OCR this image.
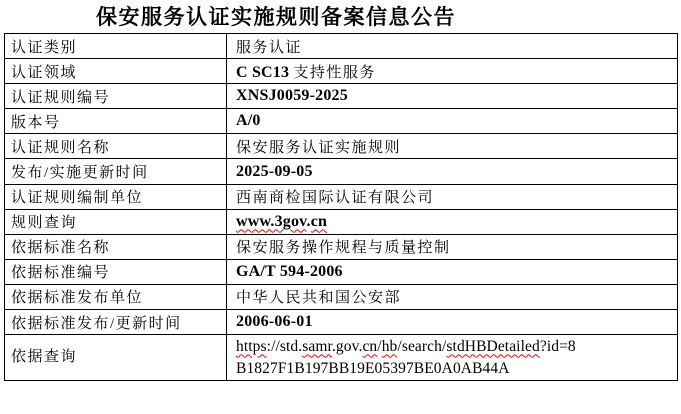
保安服务认证实施规则备案信息公告
认证类别	服务认证
认证领域	C SC13 支持性服务
认证规则编号	XNSJ0059-2025
版本号	A/0
认证规则名称	保安服务认证实施规则
发布/实施更新时间	2025-09-05
认证规则编制单位	西南商检国际认证有限公司
规则查询	www.3gov.cn
依据标准名称	保安服务操作规程与质量控制
依据标准编号	GA/T 594-2006
依据标准发布单位	中华人民共和国公安部
依据标准发布/更新时间	2006-06-01
依据查询	https://std.samr.gov.cn/hb/search/stdHBDetailed?id=8
B1827F1B197BB19E05397BE0A0AB44A
